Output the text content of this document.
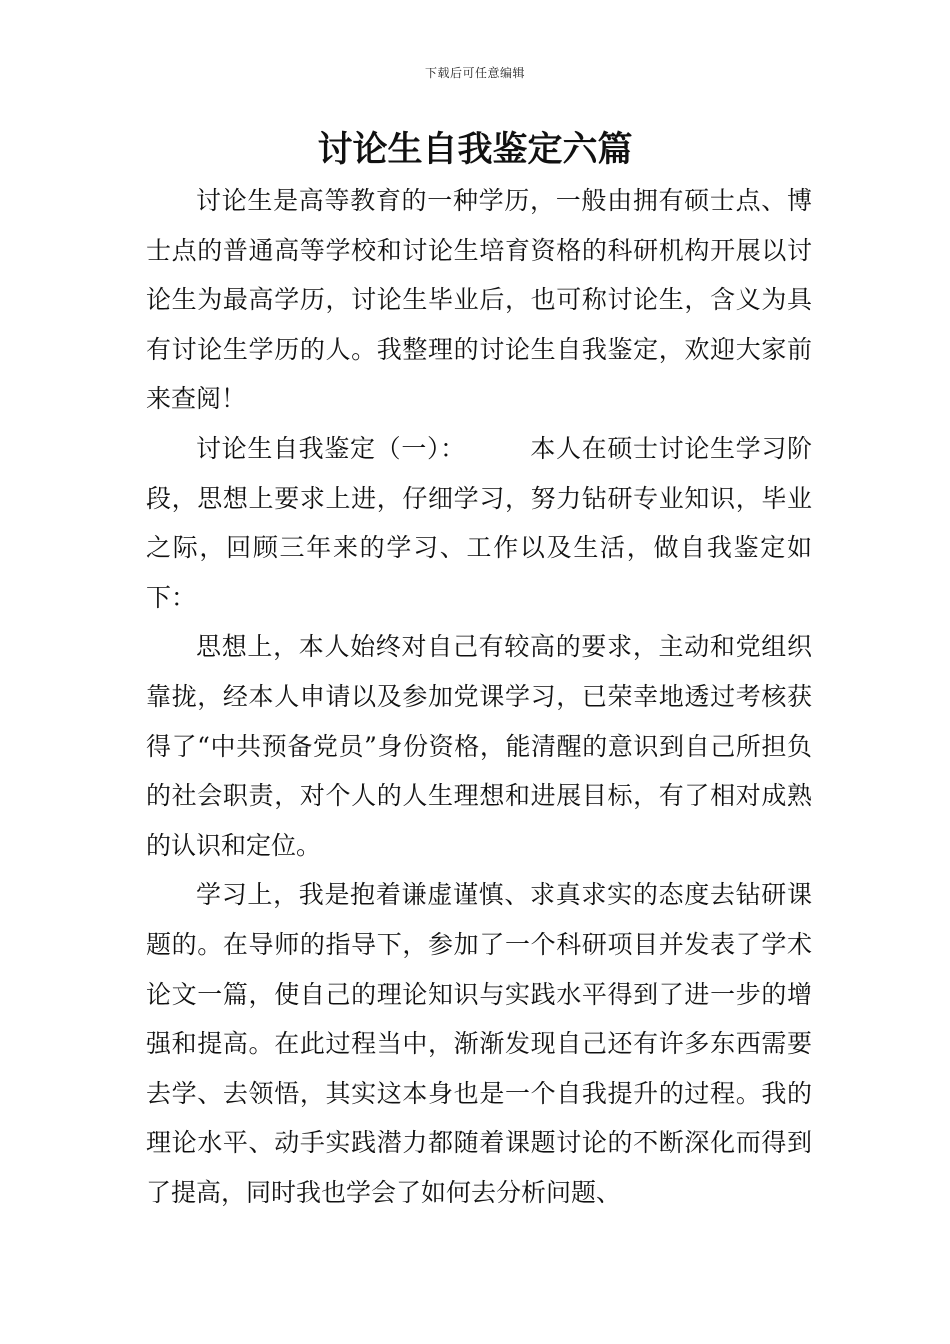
下载后可任意编辑
讨论生自我鉴定六篇

讨论生是高等教育的一种学历，一般由拥有硕士点、博士点的普通高等学校和讨论生培育资格的科研机构开展以讨论生为最高学历，讨论生毕业后，也可称讨论生，含义为具有讨论生学历的人。我整理的讨论生自我鉴定，欢迎大家前来查阅！

讨论生自我鉴定（一）：　　　本人在硕士讨论生学习阶段，思想上要求上进，仔细学习，努力钻研专业知识，毕业之际，回顾三年来的学习、工作以及生活，做自我鉴定如下：

思想上，本人始终对自己有较高的要求，主动和党组织靠拢，经本人申请以及参加党课学习，已荣幸地透过考核获得了“中共预备党员”身份资格，能清醒的意识到自己所担负的社会职责，对个人的人生理想和进展目标，有了相对成熟的认识和定位。

学习上，我是抱着谦虚谨慎、求真求实的态度去钻研课题的。在导师的指导下，参加了一个科研项目并发表了学术论文一篇，使自己的理论知识与实践水平得到了进一步的增强和提高。在此过程当中，渐渐发现自己还有许多东西需要去学、去领悟，其实这本身也是一个自我提升的过程。我的理论水平、动手实践潜力都随着课题讨论的不断深化而得到了提高，同时我也学会了如何去分析问题、
